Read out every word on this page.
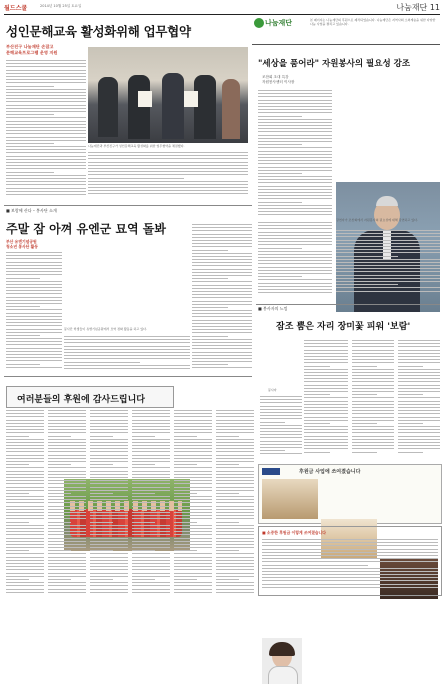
월드스쿨	2014년 10월 25일 토요일	나눔재단 11
성인문해교육 활성화위해 업무협약
부산진구 나눔재단 손잡고
문해교육프로그램 운영 지원
나눔재단과 부산진구가 성인문해교육 활성화를 위한 업무협약을 체결했다.
나눔재단	본 페이지는 나눔재단의 후원으로 제작되었습니다. 나눔재단은 지역사회 소외계층을 위한 다양한 나눔 사업을 펼치고 있습니다.
"세상을 품어라" 자원봉사의 필요성 강조
조찬회 초대 특강
자원봉사센터 이사장
강연자가 조찬회에서 자원봉사의 필요성에 대해 강연하고 있다.
■ 보람에 산다 – 봉사단 소개
주말 잠 아껴 유엔군 묘역 돌봐
부산 유엔기념공원
청소년 봉사단 활동
봉사단 학생들이 유엔기념공원에서 묘역 정화 활동을 하고 있다.
■ 봉사자의 느낌
잠조 뿜은 자리 장미꽃 피워 '보람'
봉사자
여러분들의 후원에 감사드립니다
후원금 사업에 쓰여졌습니다
■ 소중한 후원금 이렇게 쓰여졌습니다
